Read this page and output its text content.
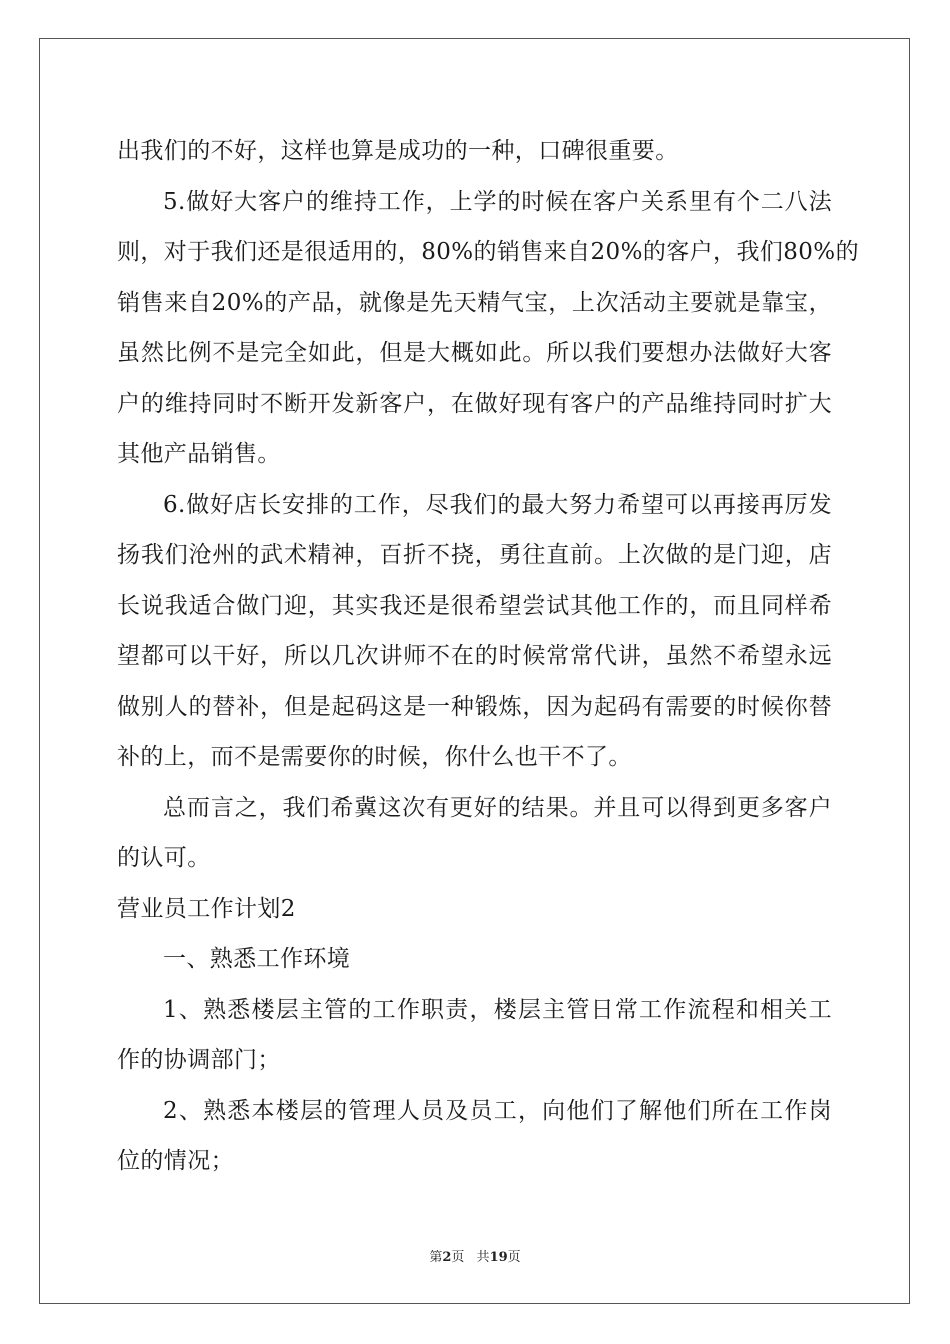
出我们的不好，这样也算是成功的一种，口碑很重要。
5.做好大客户的维持工作，上学的时候在客户关系里有个二八法
则，对于我们还是很适用的，80%的销售来自20%的客户，我们80%的
销售来自20%的产品，就像是先天精气宝，上次活动主要就是靠宝，
虽然比例不是完全如此，但是大概如此。所以我们要想办法做好大客
户的维持同时不断开发新客户，在做好现有客户的产品维持同时扩大
其他产品销售。
6.做好店长安排的工作，尽我们的最大努力希望可以再接再厉发
扬我们沧州的武术精神，百折不挠，勇往直前。上次做的是门迎，店
长说我适合做门迎，其实我还是很希望尝试其他工作的，而且同样希
望都可以干好，所以几次讲师不在的时候常常代讲，虽然不希望永远
做别人的替补，但是起码这是一种锻炼，因为起码有需要的时候你替
补的上，而不是需要你的时候，你什么也干不了。
总而言之，我们希冀这次有更好的结果。并且可以得到更多客户
的认可。
营业员工作计划2
一、熟悉工作环境
1、熟悉楼层主管的工作职责，楼层主管日常工作流程和相关工
作的协调部门；
2、熟悉本楼层的管理人员及员工，向他们了解他们所在工作岗
位的情况；
第2页 共19页
